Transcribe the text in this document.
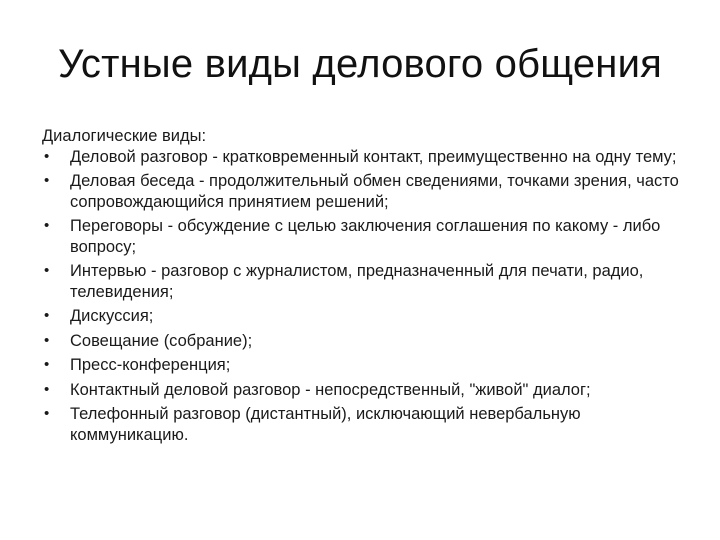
Устные виды делового общения

Диалогические виды:

• Деловой разговор - кратковременный контакт, преимущественно на одну тему;
• Деловая беседа - продолжительный обмен сведениями, точками зрения, часто сопровождающийся принятием решений;
• Переговоры - обсуждение с целью заключения соглашения по какому - либо вопросу;
• Интервью - разговор с журналистом, предназначенный для печати, радио, телевидения;
• Дискуссия;
• Совещание (собрание);
• Пресс-конференция;
• Контактный деловой разговор - непосредственный, "живой" диалог;
• Телефонный разговор (дистантный), исключающий невербальную коммуникацию.
